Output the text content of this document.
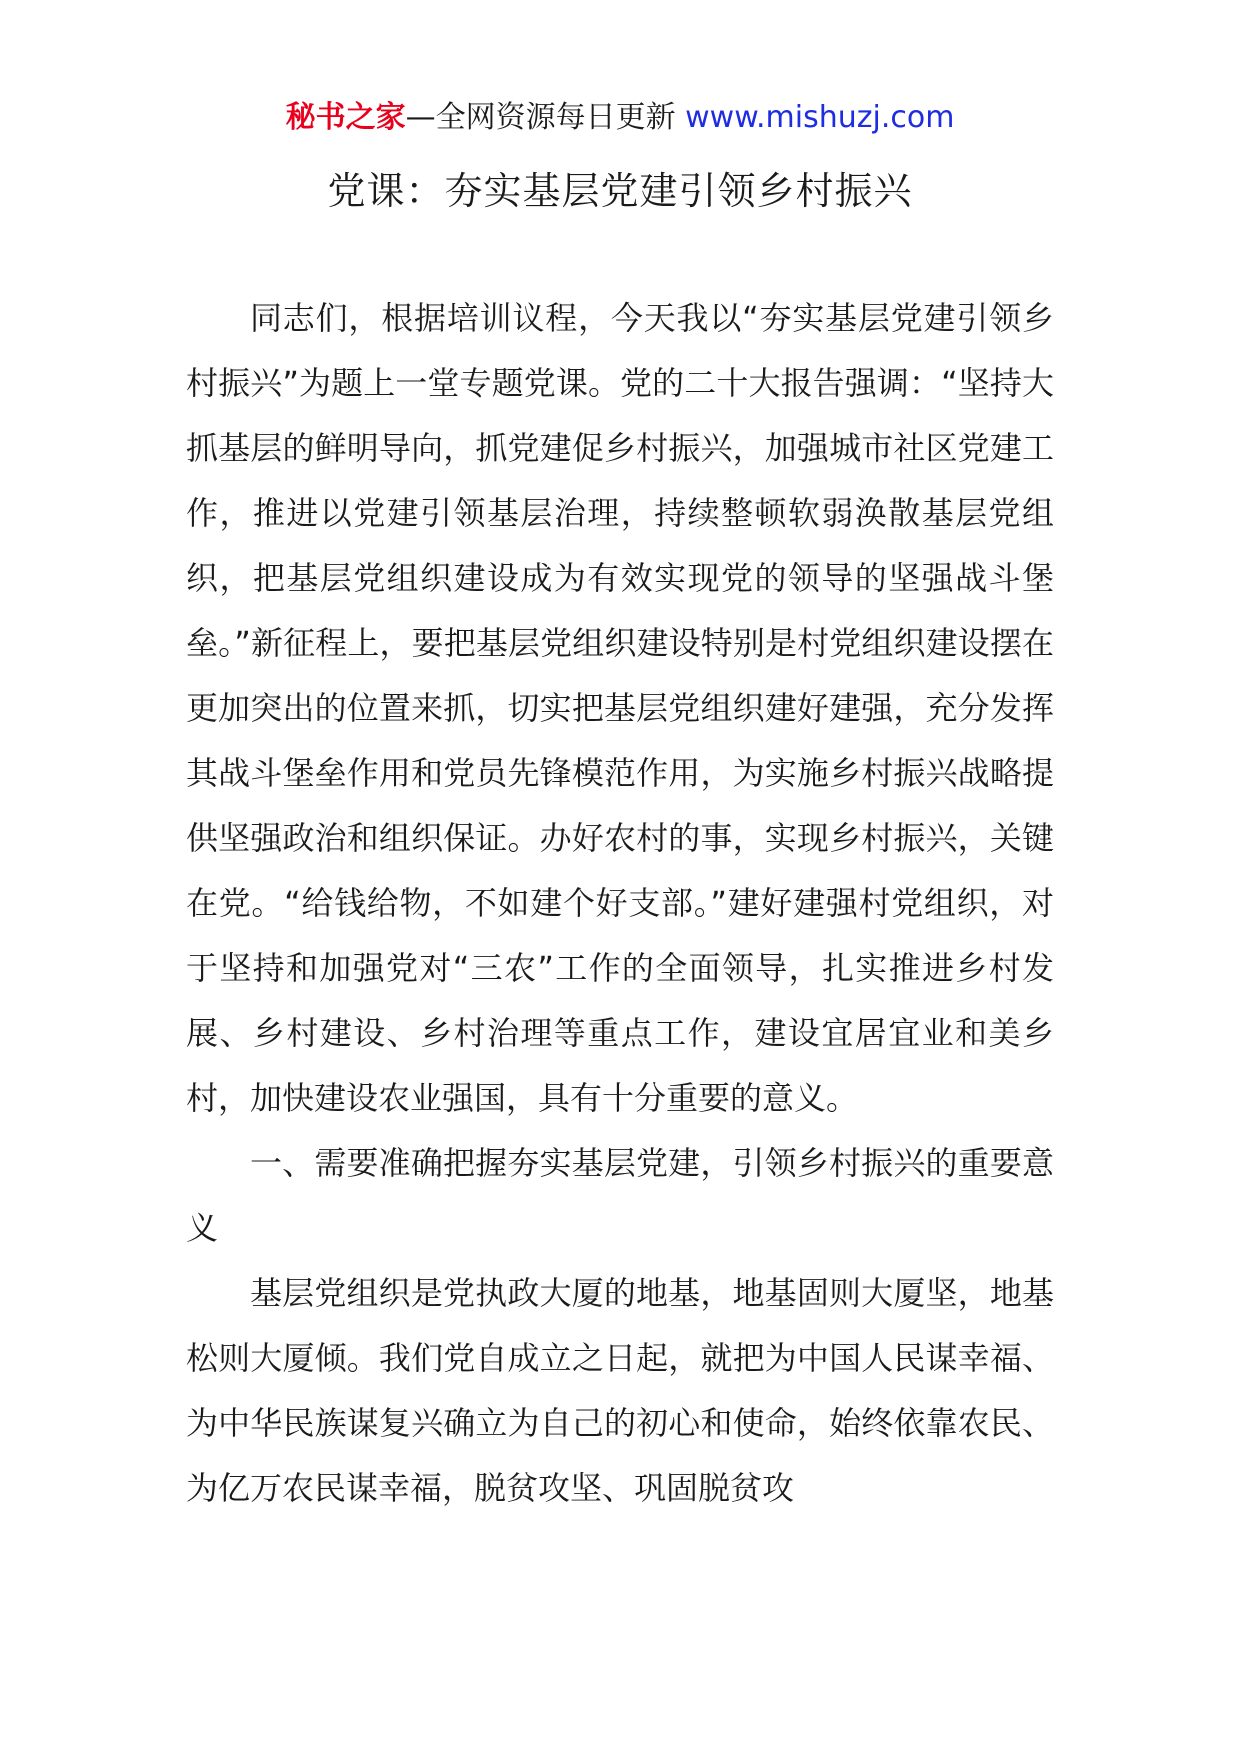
秘书之家—全网资源每日更新 www.mishuzj.com
党课：夯实基层党建引领乡村振兴

同志们，根据培训议程，今天我以“夯实基层党建引领乡村振兴”为题上一堂专题党课。党的二十大报告强调：“坚持大抓基层的鲜明导向，抓党建促乡村振兴，加强城市社区党建工作，推进以党建引领基层治理，持续整顿软弱涣散基层党组织，把基层党组织建设成为有效实现党的领导的坚强战斗堡垒。”新征程上，要把基层党组织建设特别是村党组织建设摆在更加突出的位置来抓，切实把基层党组织建好建强，充分发挥其战斗堡垒作用和党员先锋模范作用，为实施乡村振兴战略提供坚强政治和组织保证。办好农村的事，实现乡村振兴，关键在党。“给钱给物，不如建个好支部。”建好建强村党组织，对于坚持和加强党对“三农”工作的全面领导，扎实推进乡村发展、乡村建设、乡村治理等重点工作，建设宜居宜业和美乡村，加快建设农业强国，具有十分重要的意义。

一、需要准确把握夯实基层党建，引领乡村振兴的重要意义

基层党组织是党执政大厦的地基，地基固则大厦坚，地基松则大厦倾。我们党自成立之日起，就把为中国人民谋幸福、为中华民族谋复兴确立为自己的初心和使命，始终依靠农民、为亿万农民谋幸福，脱贫攻坚、巩固脱贫攻
